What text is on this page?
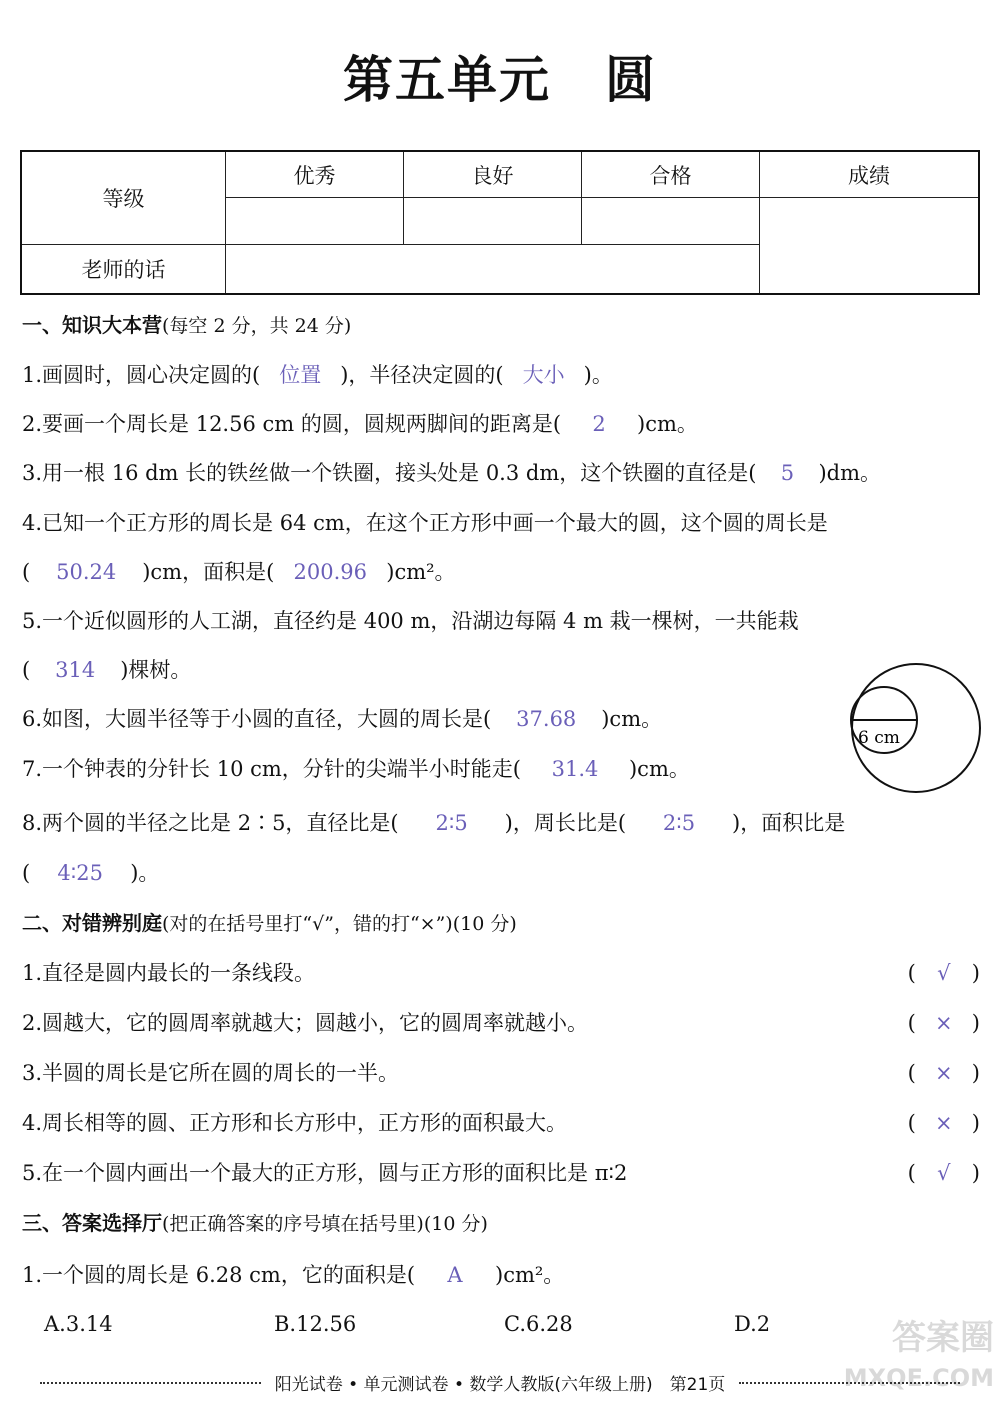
第五单元 圆
等级	优秀	良好	合格	成绩

老师的话				
一、知识大本营(每空 2 分，共 24 分)
1.画圆时，圆心决定圆的( 位置 )，半径决定圆的( 大小 )。
2.要画一个周长是 12.56 cm 的圆，圆规两脚间的距离是( 2 )cm。
3.用一根 16 dm 长的铁丝做一个铁圈，接头处是 0.3 dm，这个铁圈的直径是( 5 )dm。
4.已知一个正方形的周长是 64 cm，在这个正方形中画一个最大的圆，这个圆的周长是
( 50.24 )cm，面积是( 200.96 )cm²。
5.一个近似圆形的人工湖，直径约是 400 m，沿湖边每隔 4 m 栽一棵树，一共能栽
( 314 )棵树。
6.如图，大圆半径等于小圆的直径，大圆的周长是( 37.68 )cm。
7.一个钟表的分针长 10 cm，分针的尖端半小时能走( 31.4 )cm。
8.两个圆的半径之比是 2∶5，直径比是( 2∶5 )，周长比是( 2∶5 )，面积比是
( 4∶25 )。
6 cm
二、对错辨别庭(对的在括号里打“√”，错的打“×”)(10 分)
1.直径是圆内最长的一条线段。	( √ )
2.圆越大，它的圆周率就越大；圆越小，它的圆周率就越小。	( × )
3.半圆的周长是它所在圆的周长的一半。	( × )
4.周长相等的圆、正方形和长方形中，正方形的面积最大。	( × )
5.在一个圆内画出一个最大的正方形，圆与正方形的面积比是 π∶2	( √ )
三、答案选择厅(把正确答案的序号填在括号里)(10 分)
1.一个圆的周长是 6.28 cm，它的面积是( A )cm²。
A.3.14	B.12.56	C.6.28	D.2	答案圈
MXQE.COM
阳光试卷 • 单元测试卷 • 数学人教版(六年级上册)　第21页
